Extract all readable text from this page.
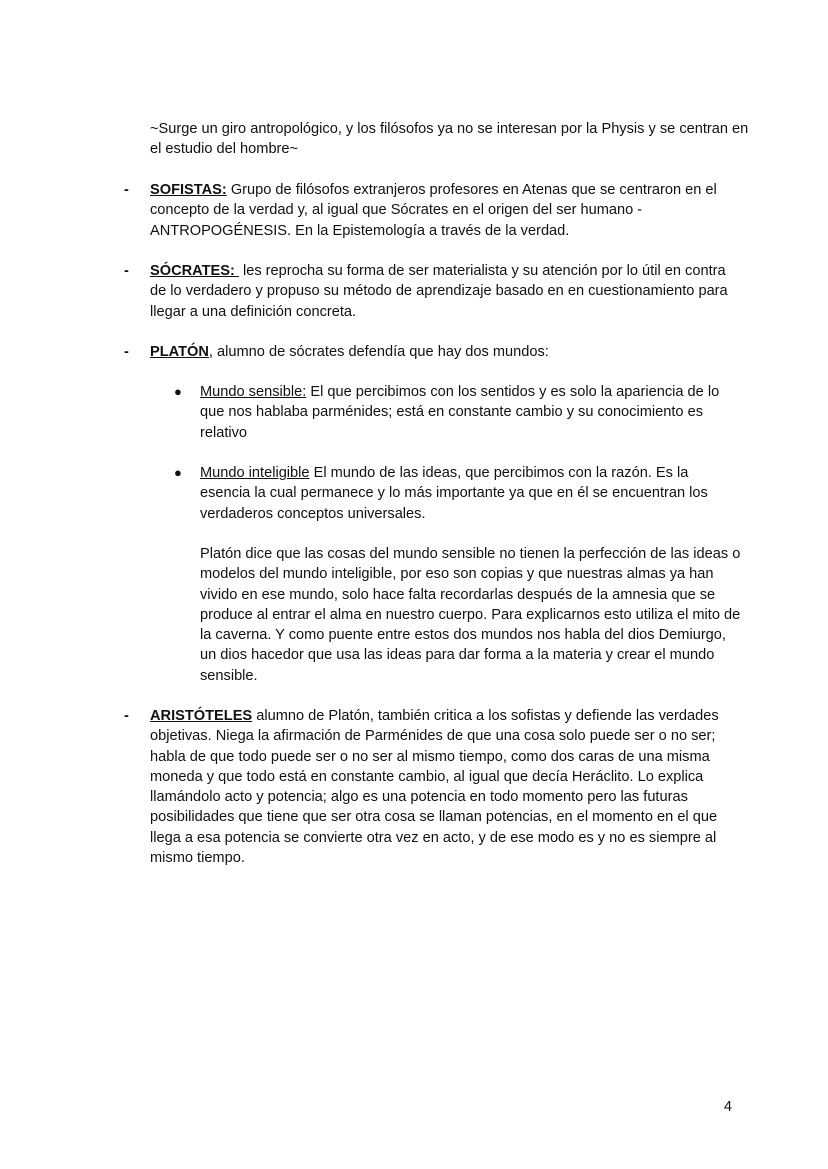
~Surge un giro antropológico, y los filósofos ya no se interesan por la Physis y se centran en el estudio del hombre~

- SOFISTAS: Grupo de filósofos extranjeros profesores en Atenas que se centraron en el concepto de la verdad y, al igual que Sócrates en el origen del ser humano - ANTROPOGÉNESIS. En la Epistemología a través de la verdad.
- SÓCRATES:  les reprocha su forma de ser materialista y su atención por lo útil en contra de lo verdadero y propuso su método de aprendizaje basado en en cuestionamiento para llegar a una definición concreta.
- PLATÓN, alumno de sócrates defendía que hay dos mundos:
● Mundo sensible: El que percibimos con los sentidos y es solo la apariencia de lo que nos hablaba parménides; está en constante cambio y su conocimiento es relativo
● Mundo inteligible El mundo de las ideas, que percibimos con la razón. Es la esencia la cual permanece y lo más importante ya que en él se encuentran los verdaderos conceptos universales.

Platón dice que las cosas del mundo sensible no tienen la perfección de las ideas o modelos del mundo inteligible, por eso son copias y que nuestras almas ya han vivido en ese mundo, solo hace falta recordarlas después de la amnesia que se produce al entrar el alma en nuestro cuerpo. Para explicarnos esto utiliza el mito de la caverna. Y como puente entre estos dos mundos nos habla del dios Demiurgo, un dios hacedor que usa las ideas para dar forma a la materia y crear el mundo sensible.

- ARISTÓTELES alumno de Platón, también critica a los sofistas y defiende las verdades objetivas. Niega la afirmación de Parménides de que una cosa solo puede ser o no ser; habla de que todo puede ser o no ser al mismo tiempo, como dos caras de una misma moneda y que todo está en constante cambio, al igual que decía Heráclito. Lo explica llamándolo acto y potencia; algo es una potencia en todo momento pero las futuras posibilidades que tiene que ser otra cosa se llaman potencias, en el momento en el que llega a esa potencia se convierte otra vez en acto, y de ese modo es y no es siempre al mismo tiempo.
4
